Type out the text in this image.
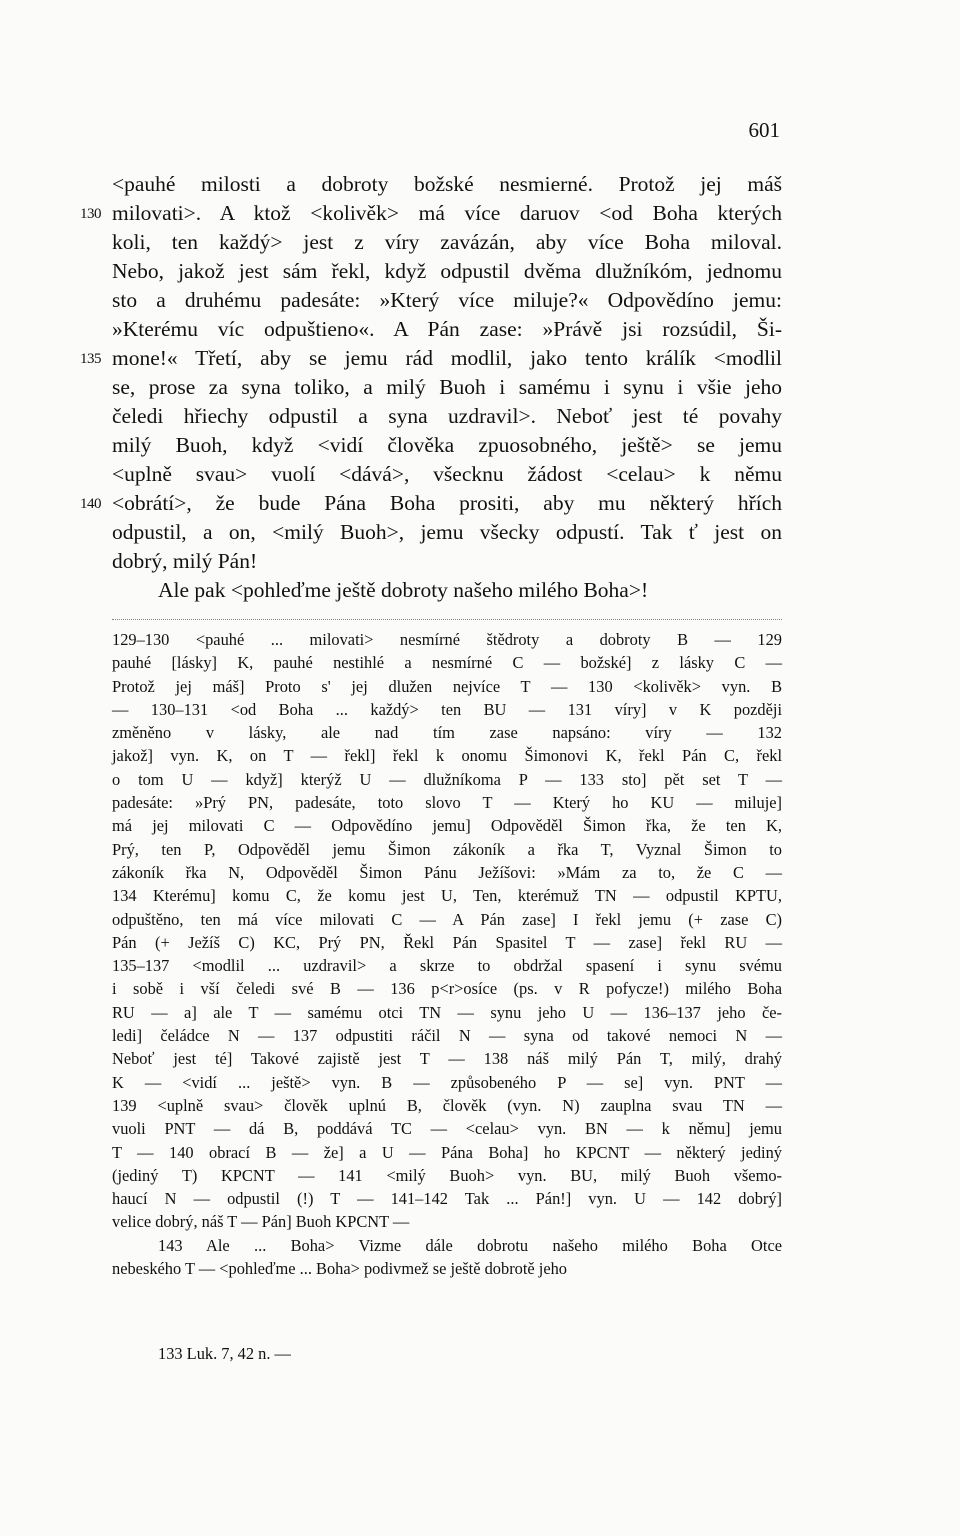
601
<pauhé milosti a dobroty božské nesmierné. Protož jej máš
130 milovati>. A ktož <kolivěk> má více daruov <od Boha kterých
koli, ten každý> jest z víry zavázán, aby více Boha miloval.
Nebo, jakož jest sám řekl, když odpustil dvěma dlužníkóm, jednomu
sto a druhému padesáte: »Který více miluje?« Odpovědíno jemu:
»Kterému víc odpuštieno«. A Pán zase: »Právě jsi rozsúdil, Ši-
135 mone!« Třetí, aby se jemu rád modlil, jako tento králík <modlil
se, prose za syna toliko, a milý Buoh i samému i synu i všie jeho
čeledi hřiechy odpustil a syna uzdravil>. Neboť jest té povahy
milý Buoh, když <vidí člověka zpuosobného, ještě> se jemu
<uplně svau> vuolí <dává>, všecknu žádost <celau> k němu
140 <obrátí>, že bude Pána Boha prositi, aby mu některý hřích
odpustil, a on, <milý Buoh>, jemu všecky odpustí. Tak ť jest on
dobrý, milý Pán!
Ale pak <pohleďme ještě dobroty našeho milého Boha>!
129–130 <pauhé ... milovati> nesmírné štědroty a dobroty B — 129
pauhé [lásky] K, pauhé nestihlé a nesmírné C — božské] z lásky C —
Protož jej máš] Proto s' jej dlužen nejvíce T — 130 <kolivěk> vyn. B
— 130–131 <od Boha ... každý> ten BU — 131 víry] v K později
změněno v lásky, ale nad tím zase napsáno: víry — 132
jakož] vyn. K, on T — řekl] řekl k onomu Šimonovi K, řekl Pán C, řekl
o tom U — když] kterýž U — dlužníkoma P — 133 sto] pět set T —
padesáte: »Prý PN, padesáte, toto slovo T — Který ho KU — miluje]
má jej milovati C — Odpovědíno jemu] Odpověděl Šimon řka, že ten K,
Prý, ten P, Odpověděl jemu Šimon zákoník a řka T, Vyznal Šimon to
zákoník řka N, Odpověděl Šimon Pánu Ježíšovi: »Mám za to, že C —
134 Kterému] komu C, že komu jest U, Ten, kterémuž TN — odpustil KPTU,
odpuštěno, ten má více milovati C — A Pán zase] I řekl jemu (+ zase C)
Pán (+ Ježíš C) KC, Prý PN, Řekl Pán Spasitel T — zase] řekl RU —
135–137 <modlil ... uzdravil> a skrze to obdržal spasení i synu svému
i sobě i vší čeledi své B — 136 p<r>osíce (ps. v R pofycze!) milého Boha
RU — a] ale T — samému otci TN — synu jeho U — 136–137 jeho če-
ledi] čeládce N — 137 odpustiti ráčil N — syna od takové nemoci N —
Neboť jest té] Takové zajistě jest T — 138 náš milý Pán T, milý, drahý
K — <vidí ... ještě> vyn. B — způsobeného P — se] vyn. PNT —
139 <uplně svau> člověk uplnú B, člověk (vyn. N) zauplna svau TN —
vuoli PNT — dá B, poddává TC — <celau> vyn. BN — k němu] jemu
T — 140 obrací B — že] a U — Pána Boha] ho KPCNT — některý jediný
(jediný T) KPCNT — 141 <milý Buoh> vyn. BU, milý Buoh všemo-
haucí N — odpustil (!) T — 141–142 Tak ... Pán!] vyn. U — 142 dobrý]
velice dobrý, náš T — Pán] Buoh KPCNT —
143 Ale ... Boha> Vizme dále dobrotu našeho milého Boha Otce
nebeského T — <pohleďme ... Boha> podivmež se ještě dobrotě jeho
133 Luk. 7, 42 n. —
